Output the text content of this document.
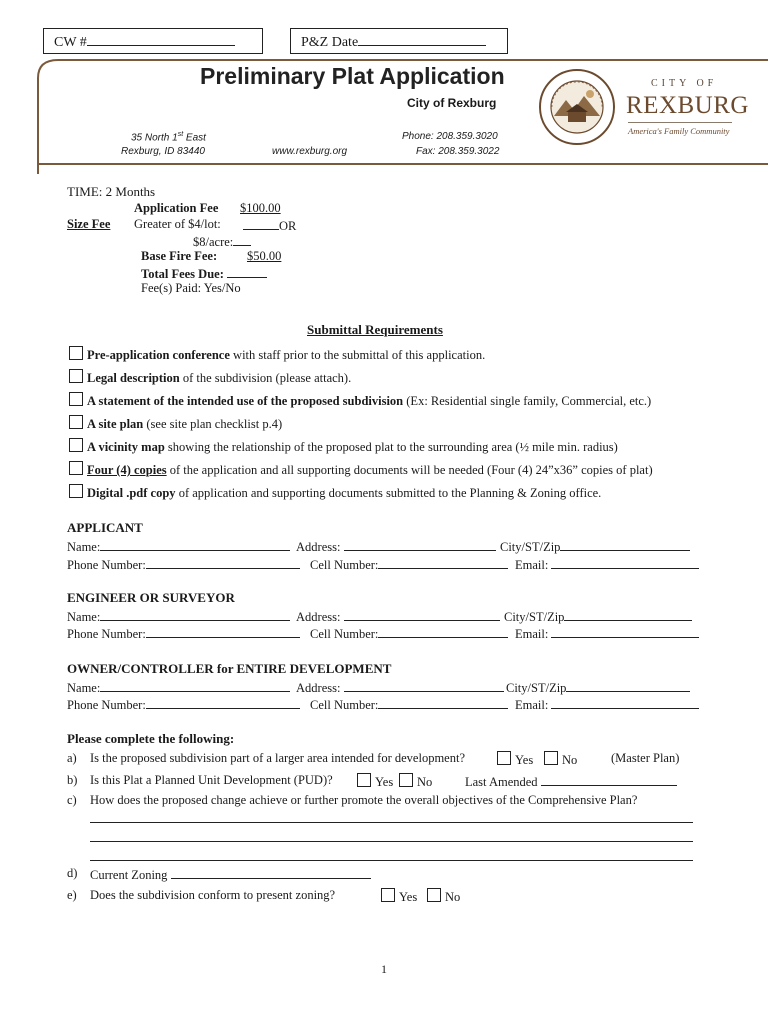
CW #	P&Z Date
Preliminary Plat Application
City of Rexburg
35 North 1st East
Rexburg, ID 83440	www.rexburg.org
Phone: 208.359.3020
Fax: 208.359.3022
CITY OF
REXBURG
America's Family Community
TIME: 2 Months
Application Fee $100.00
Size Fee Greater of $4/lot:	OR
$8/acre:
Base Fire Fee: $50.00
Total Fees Due:
Fee(s) Paid: Yes/No
Submittal Requirements
Pre-application conference with staff prior to the submittal of this application.
Legal description of the subdivision (please attach).
A statement of the intended use of the proposed subdivision (Ex: Residential single family, Commercial, etc.)
A site plan (see site plan checklist p.4)
A vicinity map showing the relationship of the proposed plat to the surrounding area (½ mile min. radius)
Four (4) copies of the application and all supporting documents will be needed (Four (4) 24”x36” copies of plat)
Digital .pdf copy of application and supporting documents submitted to the Planning & Zoning office.
APPLICANT
Name:	Address:	City/ST/Zip
Phone Number:	Cell Number:	Email:
ENGINEER OR SURVEYOR
Name:	Address:	City/ST/Zip
Phone Number:	Cell Number:	Email:
OWNER/CONTROLLER for ENTIRE DEVELOPMENT
Name:	Address:	City/ST/Zip
Phone Number:	Cell Number:	Email:
Please complete the following:
a) Is the proposed subdivision part of a larger area intended for development?	Yes	No	(Master Plan)
b) Is this Plat a Planned Unit Development (PUD)?	Yes	No	Last Amended
c) How does the proposed change achieve or further promote the overall objectives of the Comprehensive Plan?
d) Current Zoning
e) Does the subdivision conform to present zoning?	Yes	No
1
